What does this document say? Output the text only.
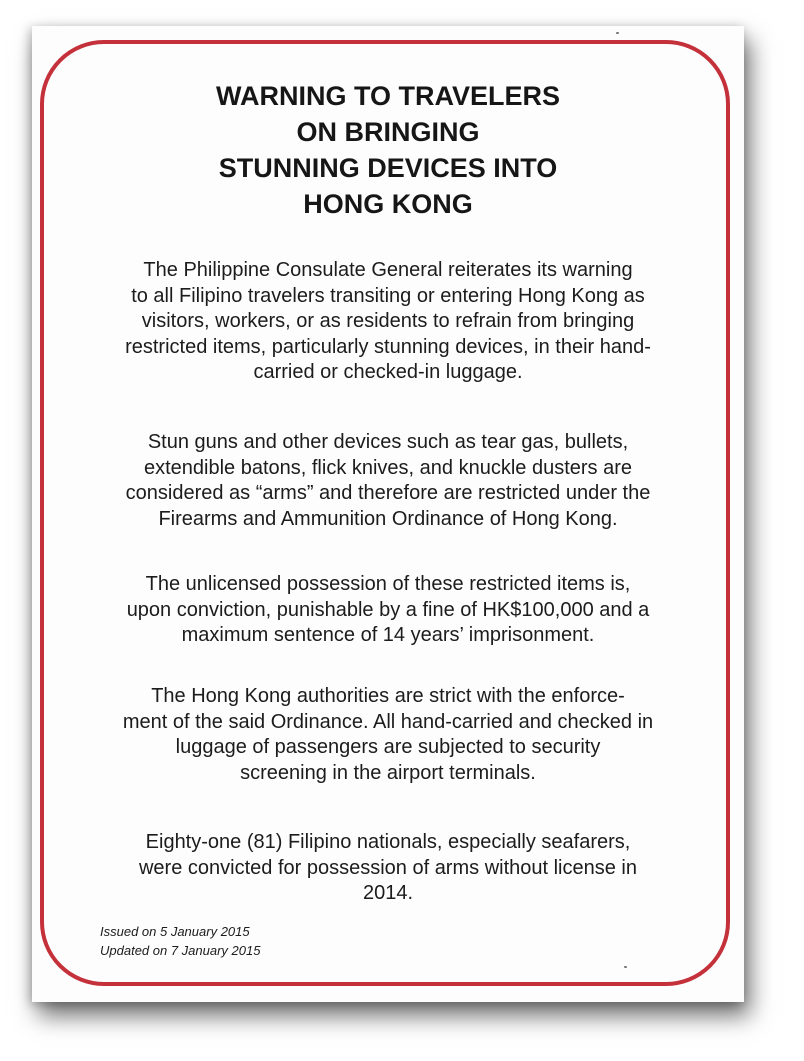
WARNING TO TRAVELERS
ON BRINGING
STUNNING DEVICES INTO
HONG KONG

The Philippine Consulate General reiterates its warning
to all Filipino travelers transiting or entering Hong Kong as
visitors, workers, or as residents to refrain from bringing
restricted items, particularly stunning devices, in their hand-
carried or checked-in luggage.

Stun guns and other devices such as tear gas, bullets,
extendible batons, flick knives, and knuckle dusters are
considered as “arms” and therefore are restricted under the
Firearms and Ammunition Ordinance of Hong Kong.

The unlicensed possession of these restricted items is,
upon conviction, punishable by a fine of HK$100,000 and a
maximum sentence of 14 years’ imprisonment.

The Hong Kong authorities are strict with the enforce-
ment of the said Ordinance. All hand-carried and checked in
luggage of passengers are subjected to security
screening in the airport terminals.

Eighty-one (81) Filipino nationals, especially seafarers,
were convicted for possession of arms without license in
2014.

Issued on 5 January 2015
Updated on 7 January 2015
